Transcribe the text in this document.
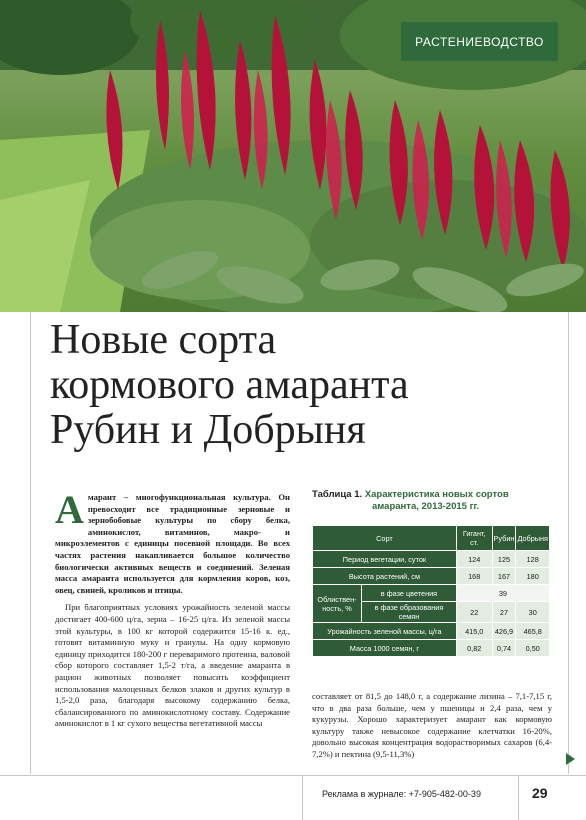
РАСТЕНИЕВОДСТВО
Новые сорта
кормового амаранта
Рубин и Добрыня

Амарант – многофункциональная культура. Он превосходит все традиционные зерновые и зернобобовые культуры по сбору белка, аминокислот, витаминов, макро- и микроэлементов с единицы посевной площади. Во всех частях растения накапливается большое количество биологически активных веществ и соединений. Зеленая масса амаранта используется для кормления коров, коз, овец, свиней, кроликов и птицы.

При благоприятных условиях урожайность зеленой массы достигает 400-600 ц/га, зерна – 16-25 ц/га. Из зеленой массы этой культуры, в 100 кг которой содержится 15-16 к. ед., готовят витаминную муку и гранулы. На одну кормовую единицу приходится 180-200 г переваримого протеина, валовой сбор которого составляет 1,5-2 т/га, а введение амаранта в рацион животных позволяет повысить коэффициент использования малоценных белков злаков и других культур в 1,5-2,0 раза, благодаря высокому содержанию белка, сбалансированного по аминокислотному составу. Содержание аминокислот в 1 кг сухого вещества вегетативной массы

Таблица 1. Характеристика новых сортов
амаранта, 2013-2015 гг.
Сорт		Гигант, ст.	Рубин	Добрыня
Период вегетации, суток		124	125	128
Высота растений, см		168	167	180
Облиствен-ность, %	в фазе цветения	39		
	в фазе образования семян	22	27	30
Урожайность зеленой массы, ц/га		415,0	426,9	465,8
Масса 1000 семян, г		0,82	0,74	0,50

составляет от 81,5 до 148,0 г, а содержание лизина – 7,1-7,15 г, что в два раза больше, чем у пшеницы и 2,4 раза, чем у кукурузы. Хорошо характеризует амарант как кормовую культуру также невысокое содержание клетчатки 16-20%, довольно высокая концентрация водорастворимых сахаров (6,4-7,2%) и пектина (9,5-11,3%)

Реклама в журнале: +7-905-482-00-39	29
